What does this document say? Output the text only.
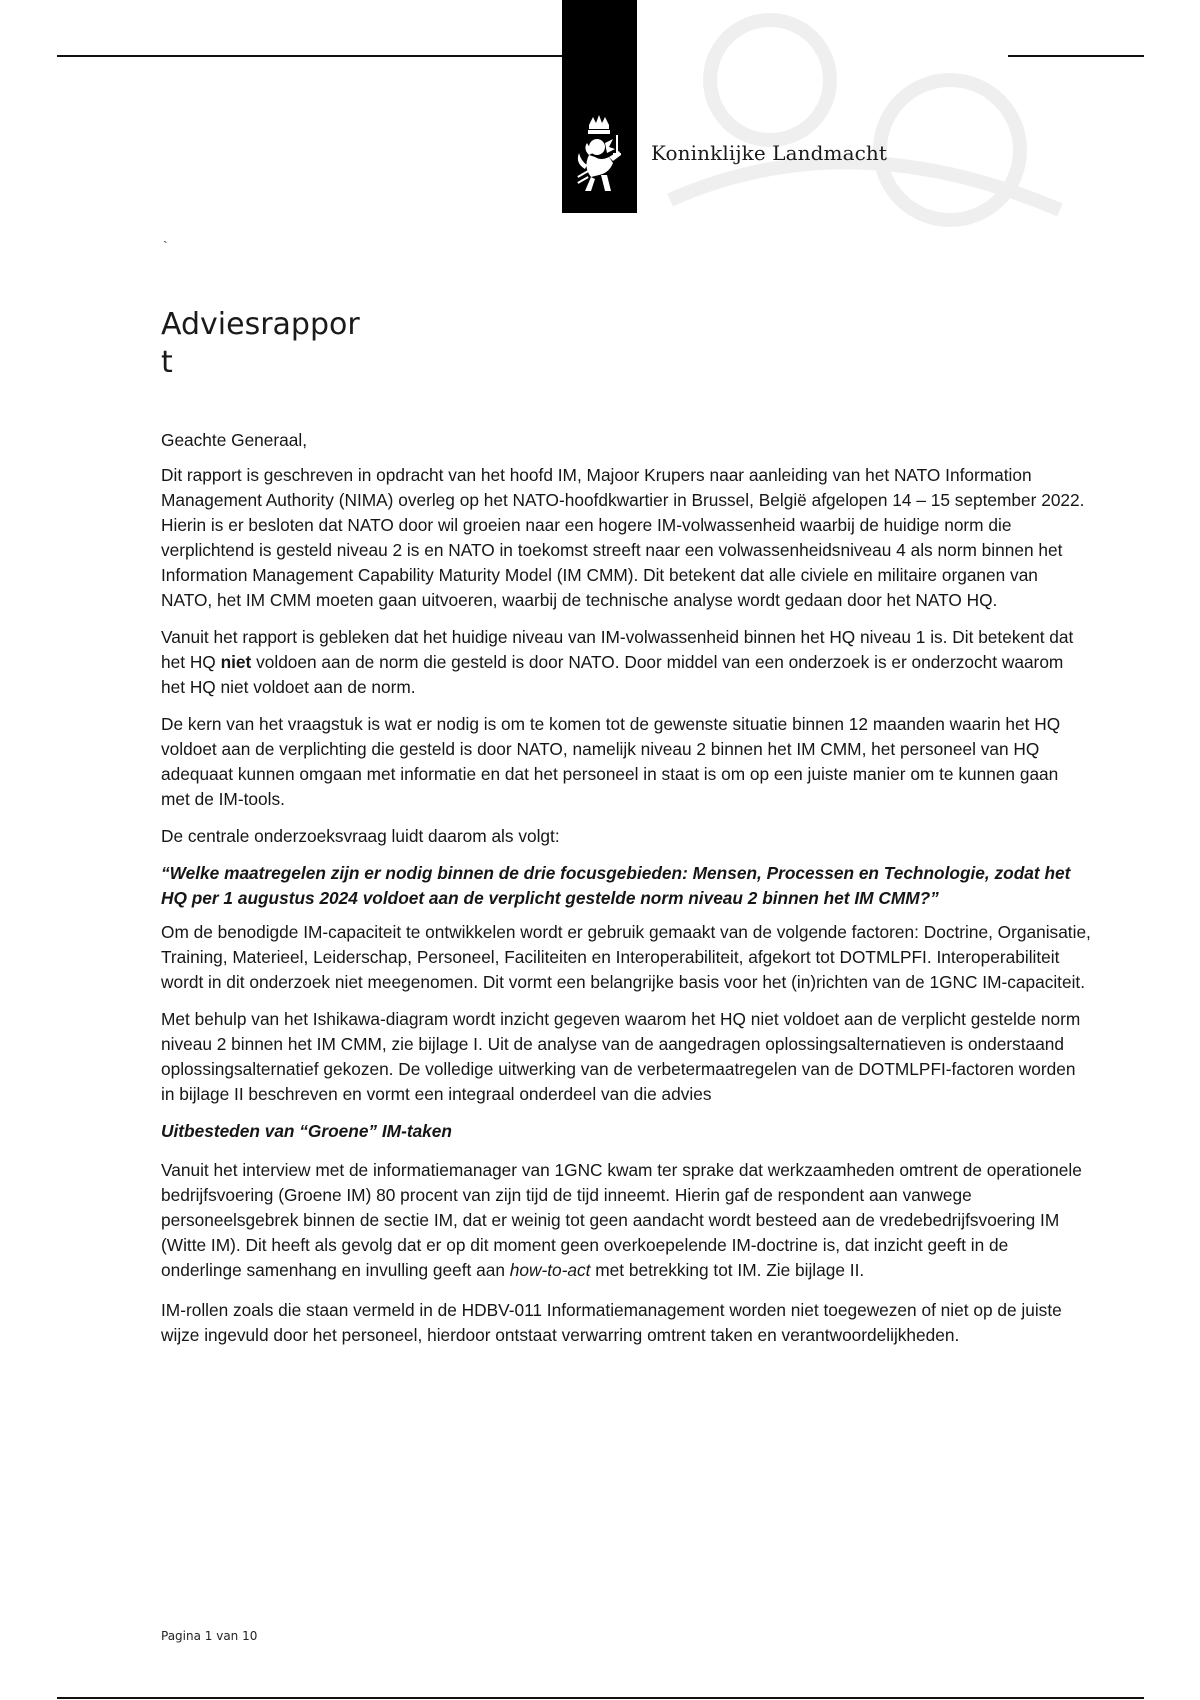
Koninklijke Landmacht
`
Adviesrapport

Geachte Generaal,

Dit rapport is geschreven in opdracht van het hoofd IM, Majoor Krupers naar aanleiding van het NATO Information Management Authority (NIMA) overleg op het NATO-hoofdkwartier in Brussel, België afgelopen 14 – 15 september 2022. Hierin is er besloten dat NATO door wil groeien naar een hogere IM-volwassenheid waarbij de huidige norm die verplichtend is gesteld niveau 2 is en NATO in toekomst streeft naar een volwassenheidsniveau 4 als norm binnen het Information Management Capability Maturity Model (IM CMM). Dit betekent dat alle civiele en militaire organen van NATO, het IM CMM moeten gaan uitvoeren, waarbij de technische analyse wordt gedaan door het NATO HQ.

Vanuit het rapport is gebleken dat het huidige niveau van IM-volwassenheid binnen het HQ niveau 1 is. Dit betekent dat het HQ niet voldoen aan de norm die gesteld is door NATO. Door middel van een onderzoek is er onderzocht waarom het HQ niet voldoet aan de norm.

De kern van het vraagstuk is wat er nodig is om te komen tot de gewenste situatie binnen 12 maanden waarin het HQ voldoet aan de verplichting die gesteld is door NATO, namelijk niveau 2 binnen het IM CMM, het personeel van HQ adequaat kunnen omgaan met informatie en dat het personeel in staat is om op een juiste manier om te kunnen gaan met de IM-tools.

De centrale onderzoeksvraag luidt daarom als volgt:

“Welke maatregelen zijn er nodig binnen de drie focusgebieden: Mensen, Processen en Technologie, zodat het HQ per 1 augustus 2024 voldoet aan de verplicht gestelde norm niveau 2 binnen het IM CMM?”

Om de benodigde IM-capaciteit te ontwikkelen wordt er gebruik gemaakt van de volgende factoren: Doctrine, Organisatie, Training, Materieel, Leiderschap, Personeel, Faciliteiten en Interoperabiliteit, afgekort tot DOTMLPFI. Interoperabiliteit wordt in dit onderzoek niet meegenomen. Dit vormt een belangrijke basis voor het (in)richten van de 1GNC IM-capaciteit.

Met behulp van het Ishikawa-diagram wordt inzicht gegeven waarom het HQ niet voldoet aan de verplicht gestelde norm niveau 2 binnen het IM CMM, zie bijlage I. Uit de analyse van de aangedragen oplossingsalternatieven is onderstaand oplossingsalternatief gekozen. De volledige uitwerking van de verbetermaatregelen van de DOTMLPFI-factoren worden in bijlage II beschreven en vormt een integraal onderdeel van die advies

Uitbesteden van “Groene” IM-taken

Vanuit het interview met de informatiemanager van 1GNC kwam ter sprake dat werkzaamheden omtrent de operationele bedrijfsvoering (Groene IM) 80 procent van zijn tijd de tijd inneemt. Hierin gaf de respondent aan vanwege personeelsgebrek binnen de sectie IM, dat er weinig tot geen aandacht wordt besteed aan de vredebedrijfsvoering IM (Witte IM). Dit heeft als gevolg dat er op dit moment geen overkoepelende IM-doctrine is, dat inzicht geeft in de onderlinge samenhang en invulling geeft aan how-to-act met betrekking tot IM. Zie bijlage II.

IM-rollen zoals die staan vermeld in de HDBV-011 Informatiemanagement worden niet toegewezen of niet op de juiste wijze ingevuld door het personeel, hierdoor ontstaat verwarring omtrent taken en verantwoordelijkheden.

Pagina 1 van 10
